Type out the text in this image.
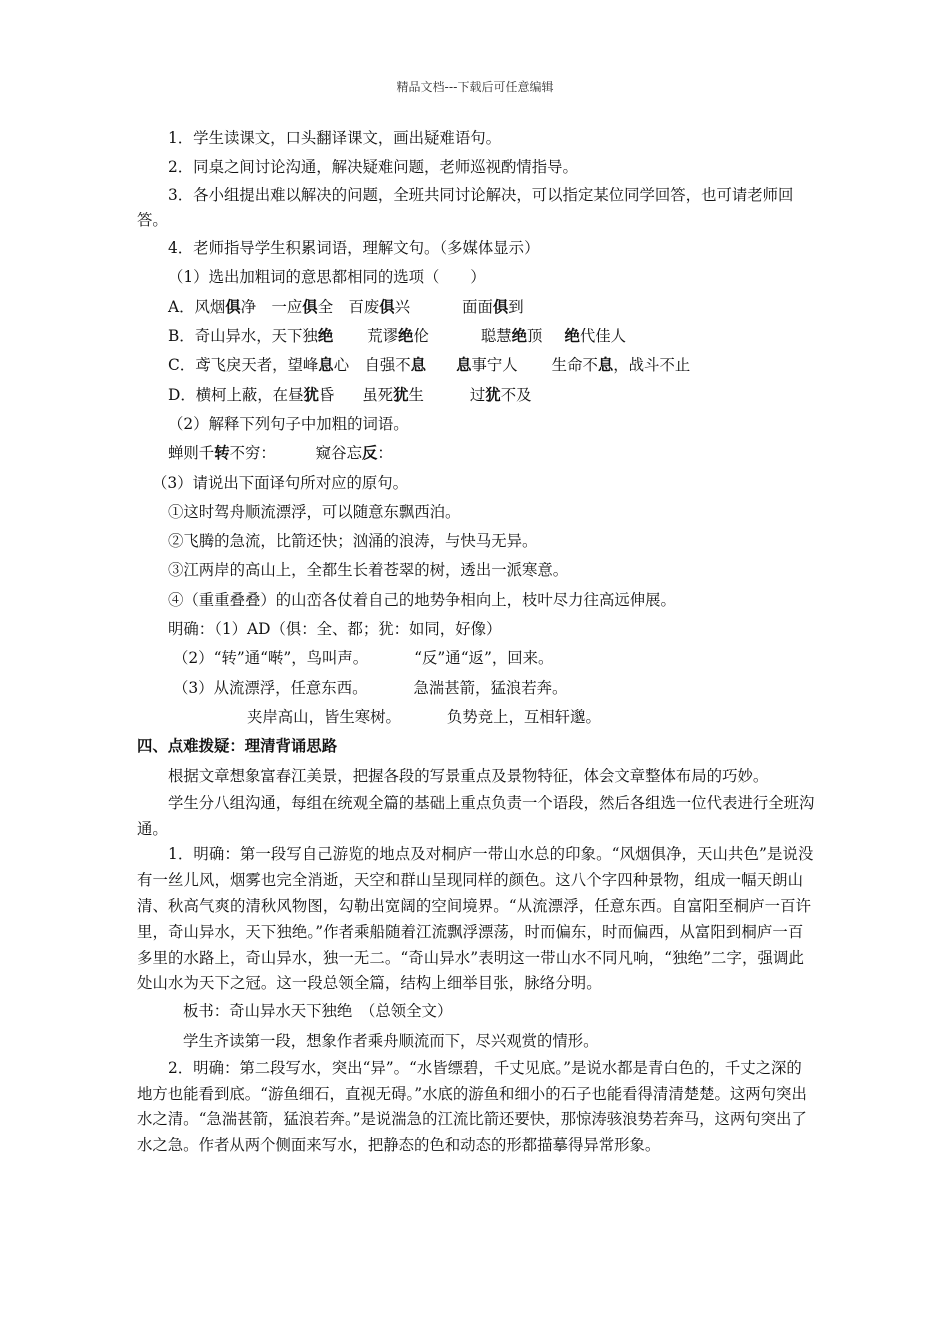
精品文档---下载后可任意编辑

1．学生读课文，口头翻译课文，画出疑难语句。

2．同桌之间讨论沟通，解决疑难问题，老师巡视酌情指导。

3．各小组提出难以解决的问题，全班共同讨论解决，可以指定某位同学回答，也可请老师回答。

4．老师指导学生积累词语，理解文句。（多媒体显示）

（1）选出加粗词的意思都相同的选项（　　）

A．风烟俱净　一应俱全　百废俱兴	面面俱到

B．奇山异水，天下独绝 荒谬绝伦	聪慧绝顶 绝代佳人

C．鸢飞戾天者，望峰息心　自强不息 息事宁人 生命不息，战斗不止

D．横柯上蔽，在昼犹昏 虽死犹生	过犹不及

（2）解释下列句子中加粗的词语。

蝉则千转不穷：	窥谷忘反：

（3）请说出下面译句所对应的原句。

①这时驾舟顺流漂浮，可以随意东飘西泊。

②飞腾的急流，比箭还快；汹涌的浪涛，与快马无异。

③江两岸的高山上，全都生长着苍翠的树，透出一派寒意。

④（重重叠叠）的山峦各仗着自己的地势争相向上，枝叶尽力往高远伸展。

明确：（1）AD（俱：全、都；犹：如同，好像）

（2）“转”通“啭”，鸟叫声。	“反”通“返”，回来。

（3）从流漂浮，任意东西。	急湍甚箭，猛浪若奔。

夹岸高山，皆生寒树。	负势竞上，互相轩邈。

四、点难拨疑：理清背诵思路

根据文章想象富春江美景，把握各段的写景重点及景物特征，体会文章整体布局的巧妙。

学生分八组沟通，每组在统观全篇的基础上重点负责一个语段，然后各组选一位代表进行全班沟通。

1．明确：第一段写自己游览的地点及对桐庐一带山水总的印象。“风烟俱净，天山共色”是说没有一丝儿风，烟雾也完全消逝，天空和群山呈现同样的颜色。这八个字四种景物，组成一幅天朗山清、秋高气爽的清秋风物图，勾勒出宽阔的空间境界。“从流漂浮，任意东西。自富阳至桐庐一百许里，奇山异水，天下独绝。”作者乘船随着江流飘浮漂荡，时而偏东，时而偏西，从富阳到桐庐一百多里的水路上，奇山异水，独一无二。“奇山异水”表明这一带山水不同凡响，“独绝”二字，强调此处山水为天下之冠。这一段总领全篇，结构上细举目张，脉络分明。

板书：奇山异水天下独绝　（总领全文）

学生齐读第一段，想象作者乘舟顺流而下，尽兴观赏的情形。

2．明确：第二段写水，突出“异”。“水皆缥碧，千丈见底。”是说水都是青白色的，千丈之深的地方也能看到底。“游鱼细石，直视无碍。”水底的游鱼和细小的石子也能看得清清楚楚。这两句突出水之清。“急湍甚箭，猛浪若奔。”是说湍急的江流比箭还要快，那惊涛骇浪势若奔马，这两句突出了水之急。作者从两个侧面来写水，把静态的色和动态的形都描摹得异常形象。
